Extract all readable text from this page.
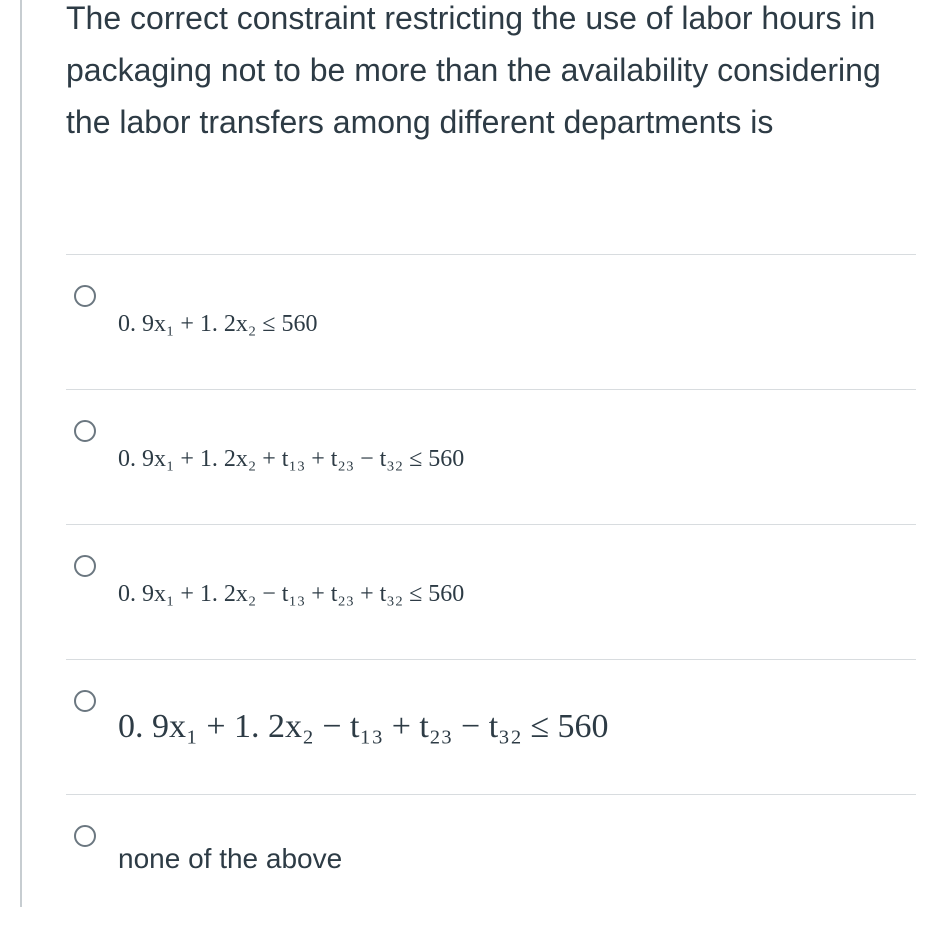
The correct constraint restricting the use of labor hours in packaging not to be more than the availability considering the labor transfers among different departments is

0. 9x₁ + 1. 2x₂ ≤ 560
0. 9x₁ + 1. 2x₂ + t₁₃ + t₂₃ − t₃₂ ≤ 560
0. 9x₁ + 1. 2x₂ − t₁₃ + t₂₃ + t₃₂ ≤ 560
0. 9x₁ + 1. 2x₂ − t₁₃ + t₂₃ − t₃₂ ≤ 560
none of the above
